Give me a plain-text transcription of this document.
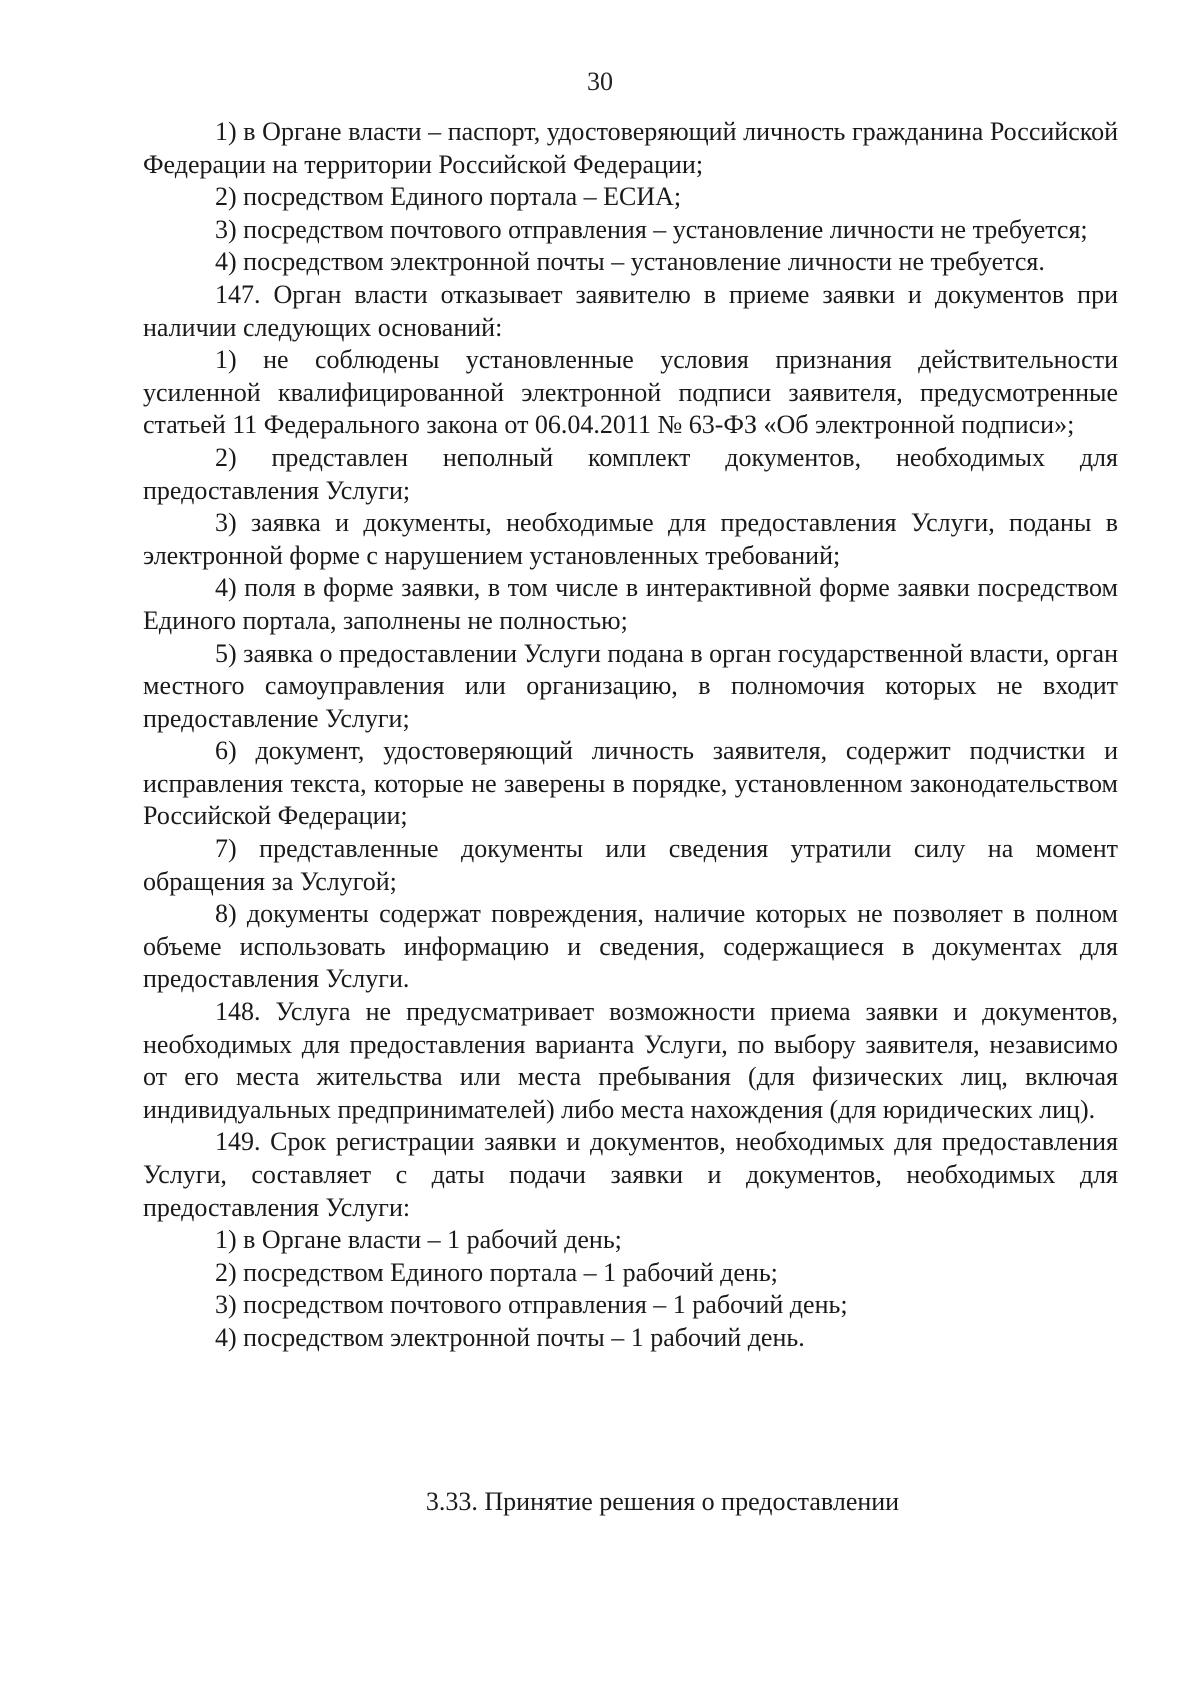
30

1) в Органе власти – паспорт, удостоверяющий личность гражданина Российской Федерации на территории Российской Федерации;

2) посредством Единого портала – ЕСИА;

3) посредством почтового отправления – установление личности не требуется;

4) посредством электронной почты – установление личности не требуется.

147. Орган власти отказывает заявителю в приеме заявки и документов при наличии следующих оснований:

1) не соблюдены установленные условия признания действительности усиленной квалифицированной электронной подписи заявителя, предусмотренные статьей 11 Федерального закона от 06.04.2011 № 63-ФЗ «Об электронной подписи»;

2) представлен неполный комплект документов, необходимых для предоставления Услуги;

3) заявка и документы, необходимые для предоставления Услуги, поданы в электронной форме с нарушением установленных требований;

4) поля в форме заявки, в том числе в интерактивной форме заявки посредством Единого портала, заполнены не полностью;

5) заявка о предоставлении Услуги подана в орган государственной власти, орган местного самоуправления или организацию, в полномочия которых не входит предоставление Услуги;

6) документ, удостоверяющий личность заявителя, содержит подчистки и исправления текста, которые не заверены в порядке, установленном законодательством Российской Федерации;

7) представленные документы или сведения утратили силу на момент обращения за Услугой;

8) документы содержат повреждения, наличие которых не позволяет в полном объеме использовать информацию и сведения, содержащиеся в документах для предоставления Услуги.

148. Услуга не предусматривает возможности приема заявки и документов, необходимых для предоставления варианта Услуги, по выбору заявителя, независимо от его места жительства или места пребывания (для физических лиц, включая индивидуальных предпринимателей) либо места нахождения (для юридических лиц).

149. Срок регистрации заявки и документов, необходимых для предоставления Услуги, составляет с даты подачи заявки и документов, необходимых для предоставления Услуги:

1) в Органе власти – 1 рабочий день;

2) посредством Единого портала – 1 рабочий день;

3) посредством почтового отправления – 1 рабочий день;

4) посредством электронной почты – 1 рабочий день.

3.33. Принятие решения о предоставлении
